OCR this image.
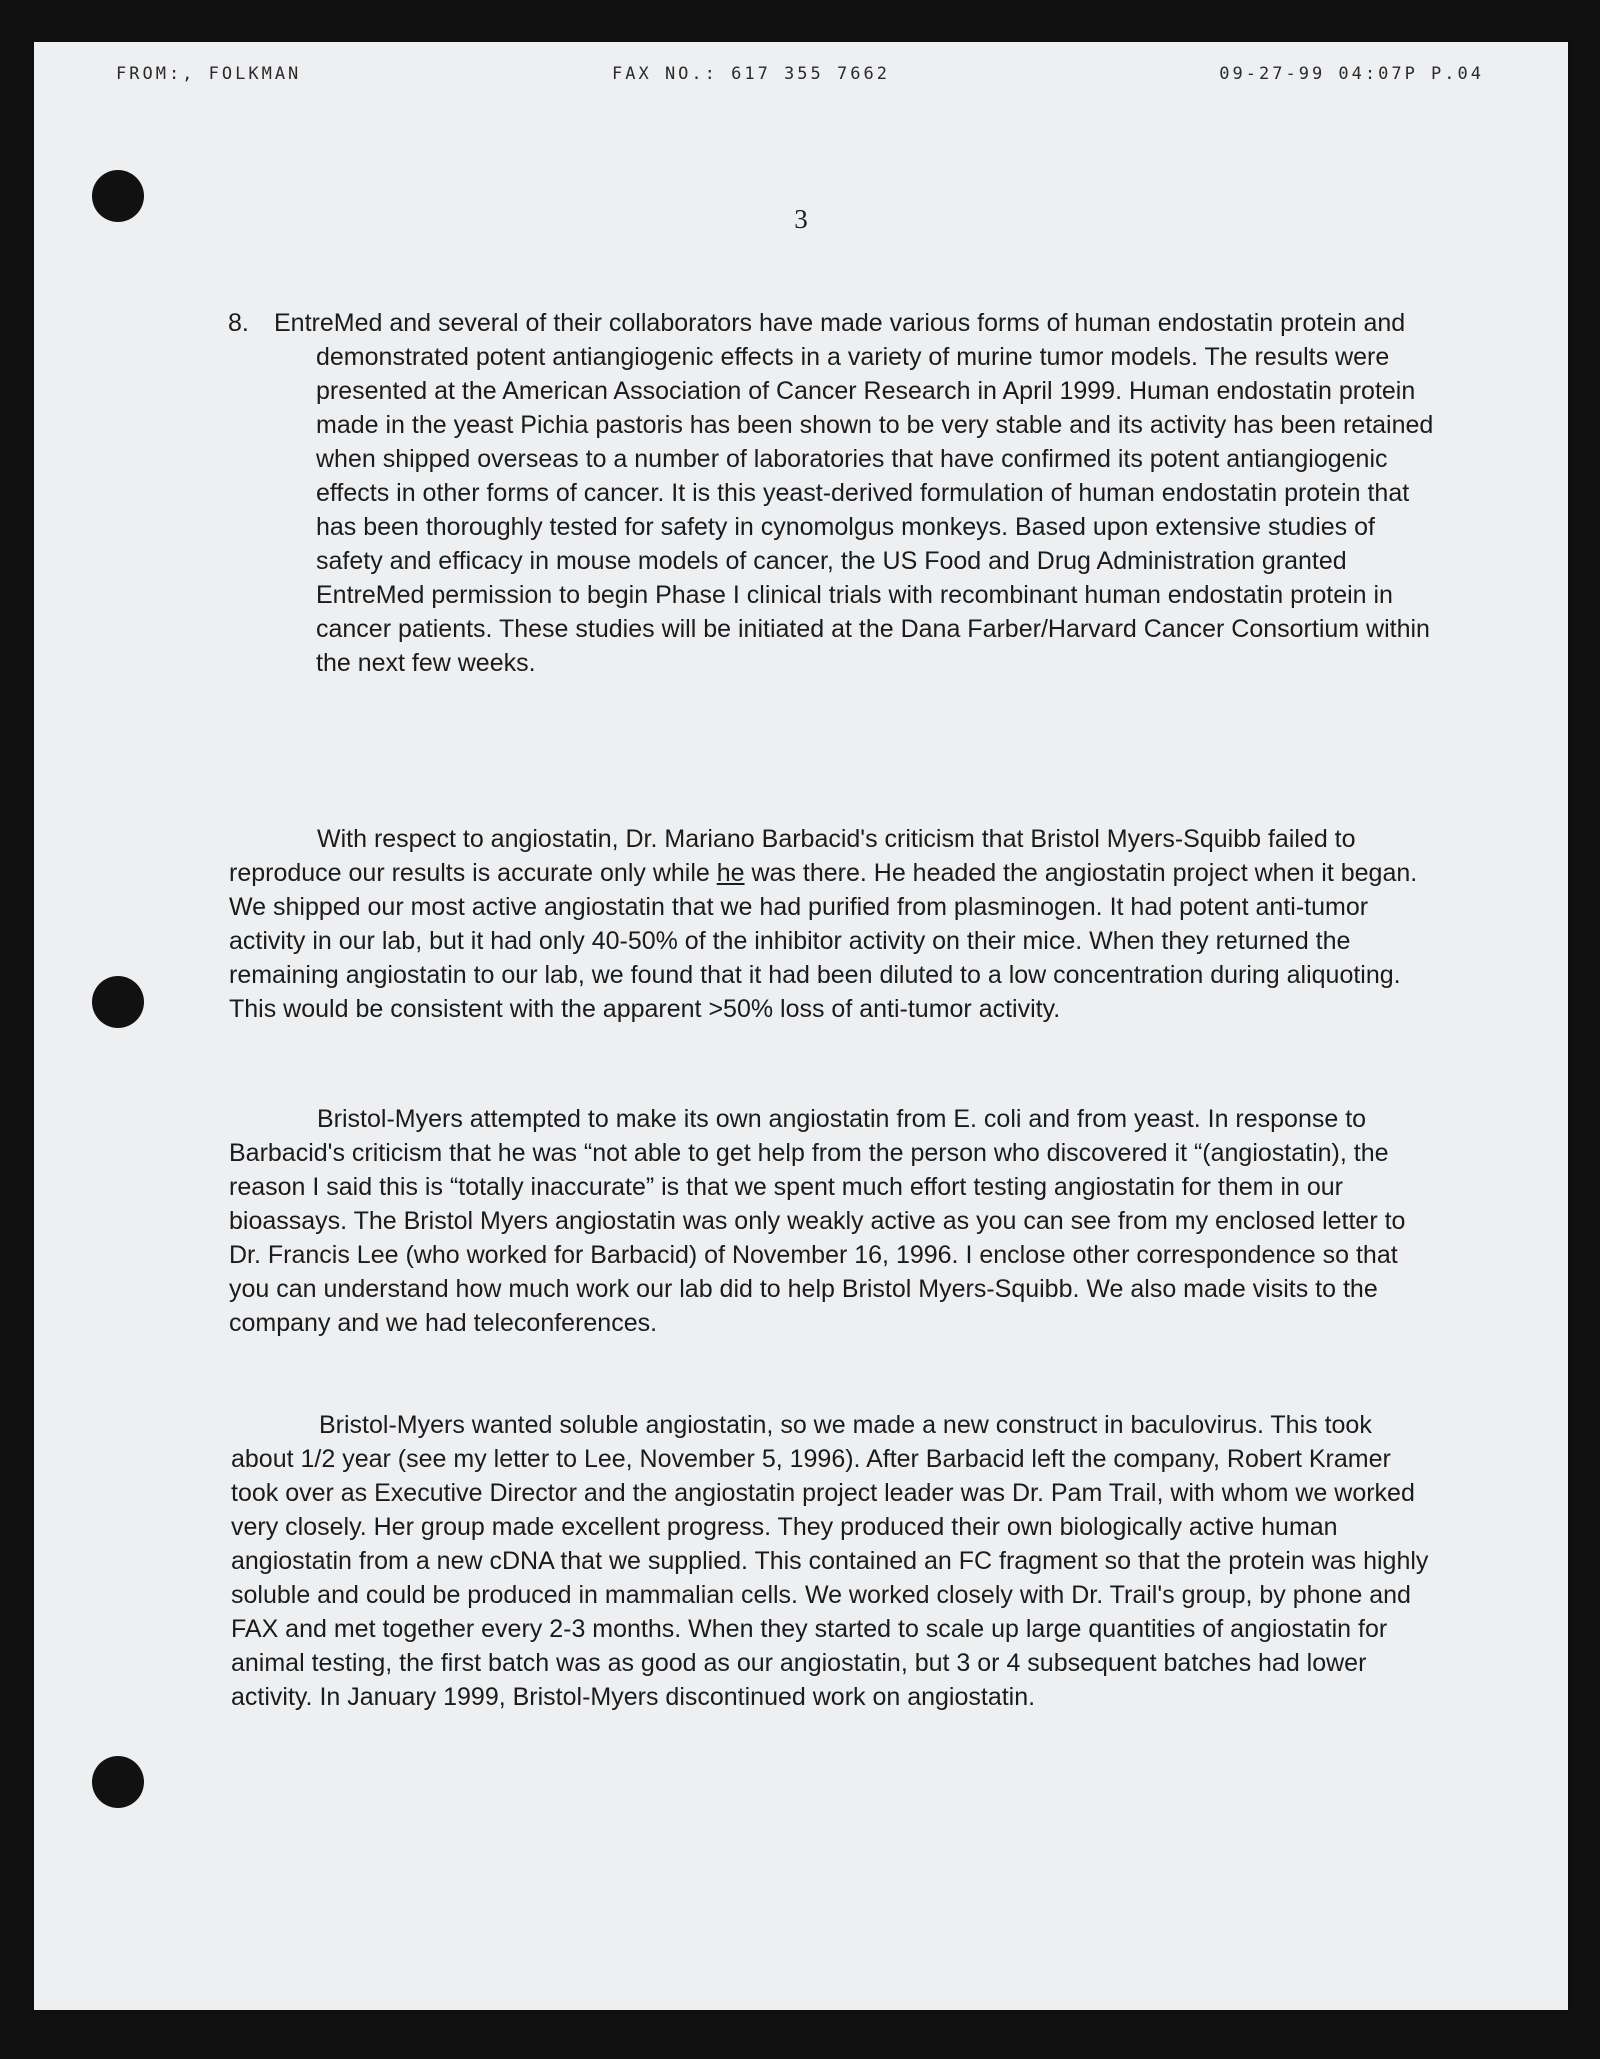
FROM:, FOLKMAN	FAX NO.: 617 355 7662	09-27-99 04:07P P.04
3
8. EntreMed and several of their collaborators have made various forms of human endostatin protein and demonstrated potent antiangiogenic effects in a variety of murine tumor models. The results were presented at the American Association of Cancer Research in April 1999. Human endostatin protein made in the yeast Pichia pastoris has been shown to be very stable and its activity has been retained when shipped overseas to a number of laboratories that have confirmed its potent antiangiogenic effects in other forms of cancer. It is this yeast-derived formulation of human endostatin protein that has been thoroughly tested for safety in cynomolgus monkeys. Based upon extensive studies of safety and efficacy in mouse models of cancer, the US Food and Drug Administration granted EntreMed permission to begin Phase I clinical trials with recombinant human endostatin protein in cancer patients. These studies will be initiated at the Dana Farber/Harvard Cancer Consortium within the next few weeks.

With respect to angiostatin, Dr. Mariano Barbacid's criticism that Bristol Myers-Squibb failed to reproduce our results is accurate only while he was there. He headed the angiostatin project when it began. We shipped our most active angiostatin that we had purified from plasminogen. It had potent anti-tumor activity in our lab, but it had only 40-50% of the inhibitor activity on their mice. When they returned the remaining angiostatin to our lab, we found that it had been diluted to a low concentration during aliquoting. This would be consistent with the apparent >50% loss of anti-tumor activity.

Bristol-Myers attempted to make its own angiostatin from E. coli and from yeast. In response to Barbacid's criticism that he was “not able to get help from the person who discovered it “(angiostatin), the reason I said this is “totally inaccurate” is that we spent much effort testing angiostatin for them in our bioassays. The Bristol Myers angiostatin was only weakly active as you can see from my enclosed letter to Dr. Francis Lee (who worked for Barbacid) of November 16, 1996. I enclose other correspondence so that you can understand how much work our lab did to help Bristol Myers-Squibb. We also made visits to the company and we had teleconferences.

Bristol-Myers wanted soluble angiostatin, so we made a new construct in baculovirus. This took about 1/2 year (see my letter to Lee, November 5, 1996). After Barbacid left the company, Robert Kramer took over as Executive Director and the angiostatin project leader was Dr. Pam Trail, with whom we worked very closely. Her group made excellent progress. They produced their own biologically active human angiostatin from a new cDNA that we supplied. This contained an FC fragment so that the protein was highly soluble and could be produced in mammalian cells. We worked closely with Dr. Trail's group, by phone and FAX and met together every 2-3 months. When they started to scale up large quantities of angiostatin for animal testing, the first batch was as good as our angiostatin, but 3 or 4 subsequent batches had lower activity. In January 1999, Bristol-Myers discontinued work on angiostatin.
